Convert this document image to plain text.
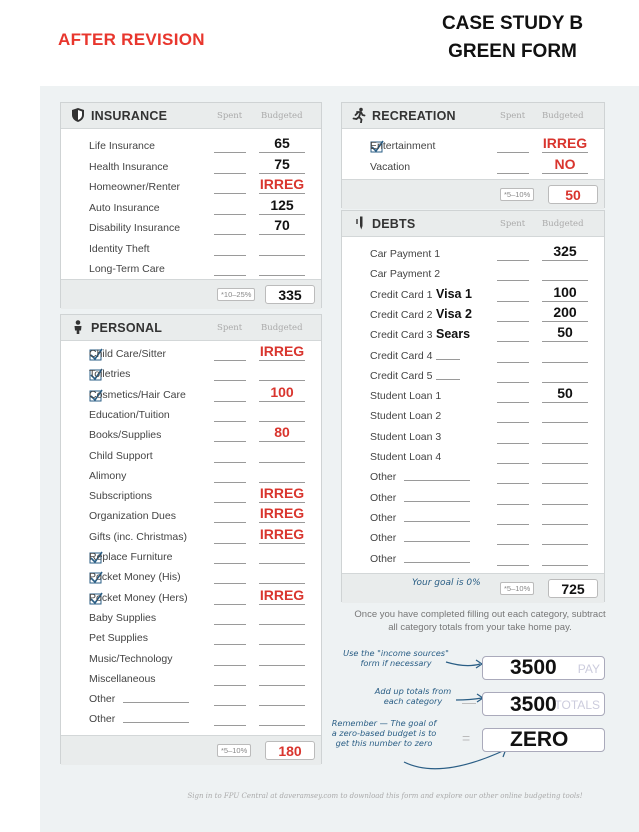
AFTER REVISION
CASE STUDY B
GREEN FORM
INSURANCE	Spent Budgeted
Life Insurance	65
Health Insurance	75
Homeowner/Renter	IRREG
Auto Insurance	125
Disability Insurance	70
Identity Theft
Long-Term Care
*10–25%	335
PERSONAL	Spent Budgeted
Child Care/Sitter	IRREG
Toiletries
Cosmetics/Hair Care	100
Education/Tuition
Books/Supplies	80
Child Support
Alimony
Subscriptions	IRREG
Organization Dues	IRREG
Gifts (inc. Christmas)	IRREG
Replace Furniture
Pocket Money (His)
Pocket Money (Hers)	IRREG
Baby Supplies
Pet Supplies
Music/Technology
Miscellaneous
Other
Other
*5–10%	180
RECREATION	Spent Budgeted
Entertainment	IRREG
Vacation	NO
*5–10%	50
DEBTS	Spent Budgeted
Car Payment 1	325
Car Payment 2
Credit Card 1 Visa 1	100
Credit Card 2 Visa 2	200
Credit Card 3 Sears	50
Credit Card 4
Credit Card 5
Student Loan 1	50
Student Loan 2
Student Loan 3
Student Loan 4
Other
Other
Other
Other
Other
Your goal is 0%
*5–10%	725
Once you have completed filling out each category, subtract all category totals from your take home pay.
Use the "income sources" form if necessary
Add up totals from each category
Remember — The goal of a zero-based budget is to get this number to zero
PAY
3500
—	TOTALS
3500
= ZERO
Sign in to FPU Central at daveramsey.com to download this form and explore our other online budgeting tools!
